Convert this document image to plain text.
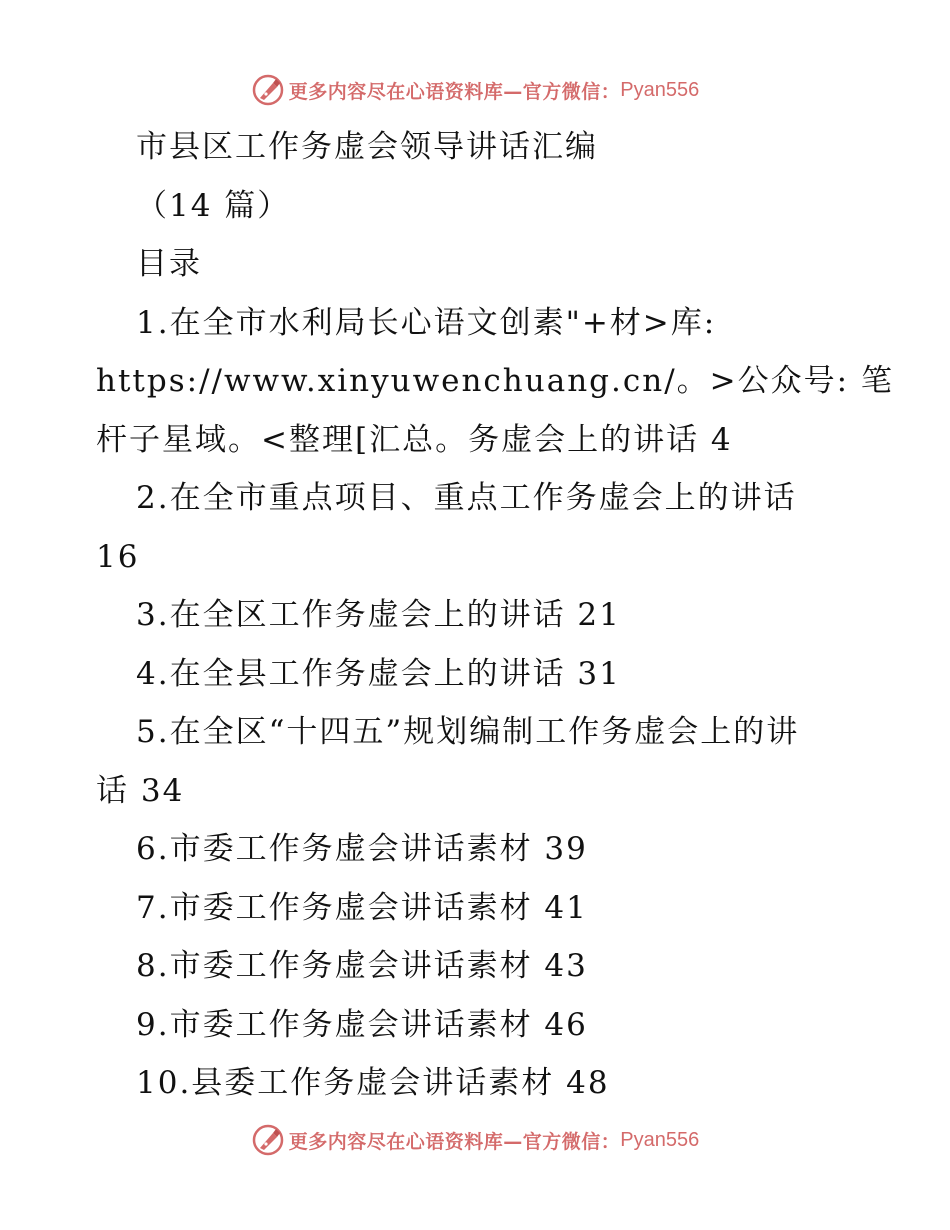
更多内容尽在心语资料库—官方微信： Pyan556
市县区工作务虚会领导讲话汇编
（14 篇）
目录
1.在全市水利局长心语文创素"+材>库:
https://www.xinyuwenchuang.cn/。>公众号: 笔
杆子星域。<整理[汇总。务虚会上的讲话 4
2.在全市重点项目、重点工作务虚会上的讲话
16
3.在全区工作务虚会上的讲话 21
4.在全县工作务虚会上的讲话 31
5.在全区“十四五”规划编制工作务虚会上的讲
话 34
6.市委工作务虚会讲话素材 39
7.市委工作务虚会讲话素材 41
8.市委工作务虚会讲话素材 43
9.市委工作务虚会讲话素材 46
10.县委工作务虚会讲话素材 48
更多内容尽在心语资料库—官方微信： Pyan556
